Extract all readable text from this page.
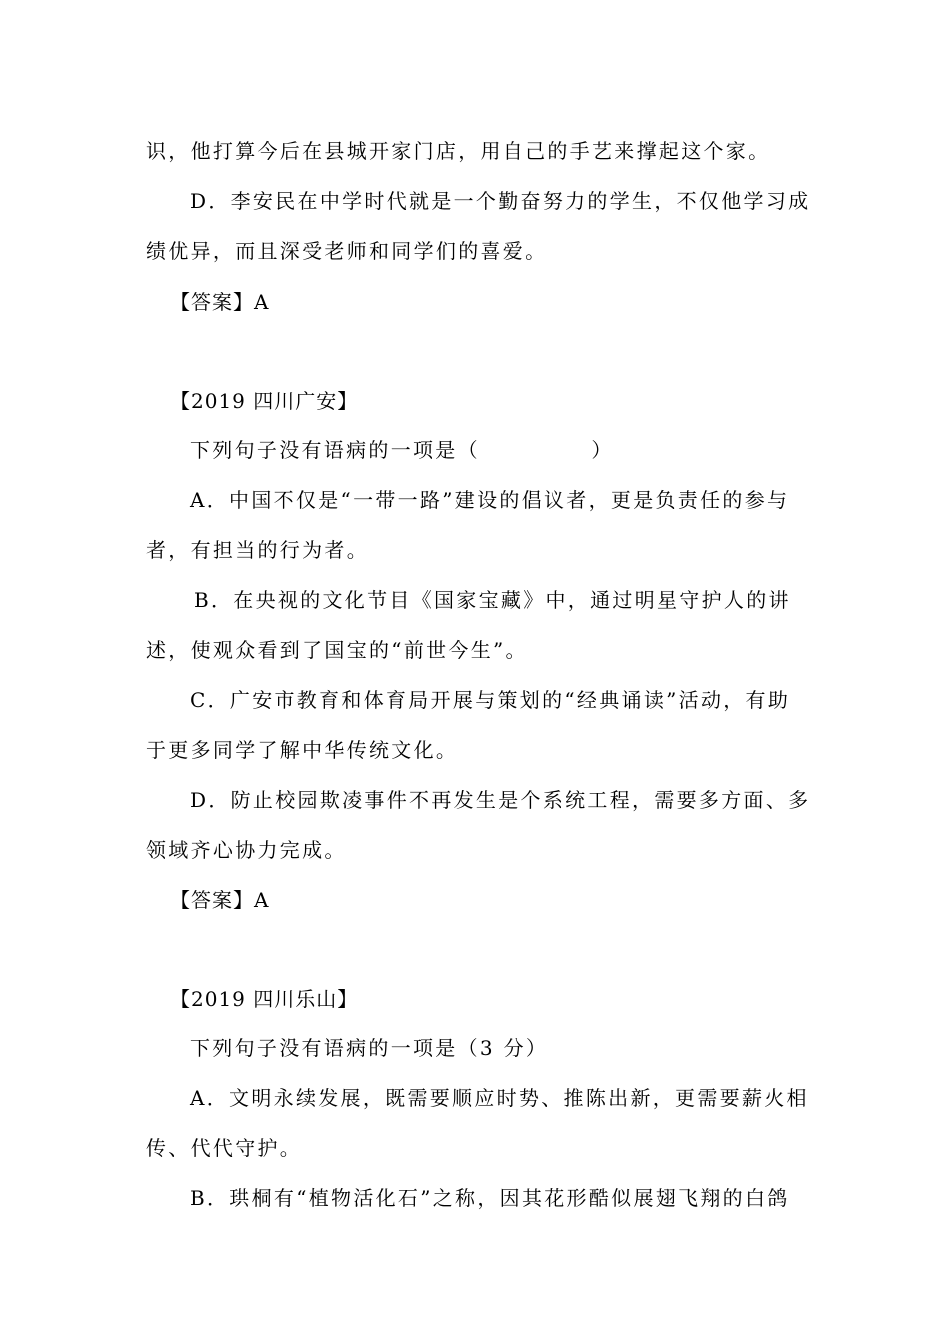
识，他打算今后在县城开家门店，用自己的手艺来撑起这个家。
D．李安民在中学时代就是一个勤奋努力的学生，不仅他学习成
绩优异，而且深受老师和同学们的喜爱。
【答案】A
【2019 四川广安】
下列句子没有语病的一项是（　　　　　）
A．中国不仅是“一带一路”建设的倡议者，更是负责任的参与
者，有担当的行为者。
B．在央视的文化节目《国家宝藏》中，通过明星守护人的讲
述，使观众看到了国宝的“前世今生”。
C．广安市教育和体育局开展与策划的“经典诵读”活动，有助
于更多同学了解中华传统文化。
D．防止校园欺凌事件不再发生是个系统工程，需要多方面、多
领域齐心协力完成。
【答案】A
【2019 四川乐山】
下列句子没有语病的一项是（3 分）
A．文明永续发展，既需要顺应时势、推陈出新，更需要薪火相
传、代代守护。
B．珙桐有“植物活化石”之称，因其花形酷似展翅飞翔的白鸽
